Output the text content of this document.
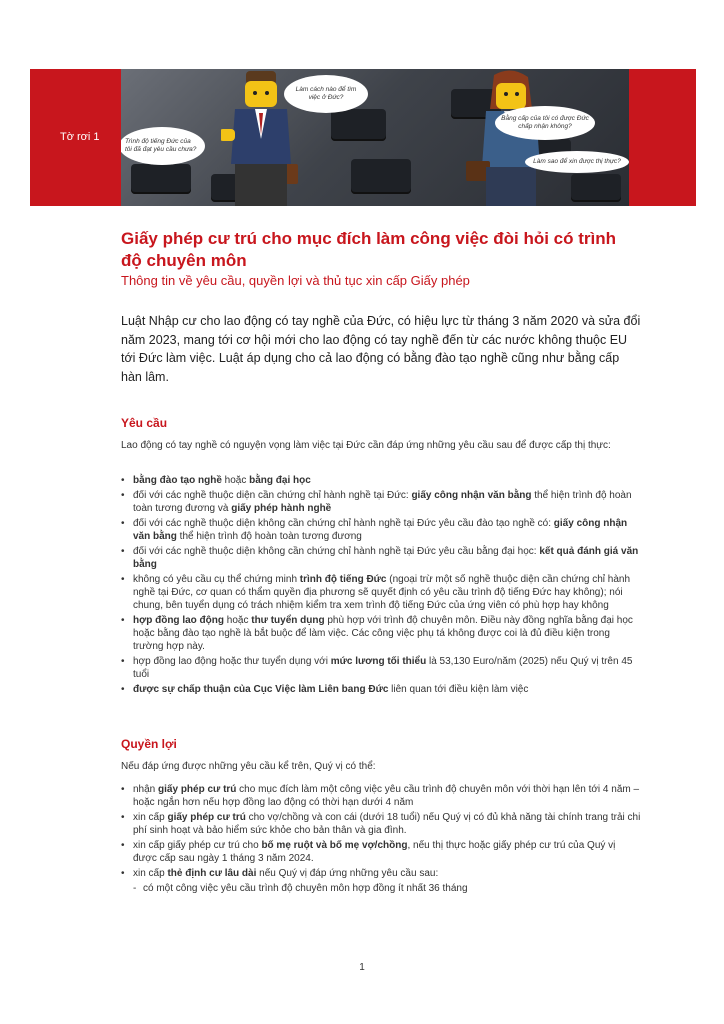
Tờ rơi 1
Làm cách nào để tìm việc ở Đức?
Trình độ tiếng Đức của tôi đã đạt yêu cầu chưa?
Bằng cấp của tôi có được Đức chấp nhận không?
Làm sao để xin được thị thực?
Giấy phép cư trú cho mục đích làm công việc đòi hỏi có trình độ chuyên môn

Thông tin về yêu cầu, quyền lợi và thủ tục xin cấp Giấy phép

Luật Nhập cư cho lao động có tay nghề của Đức, có hiệu lực từ tháng 3 năm 2020 và sửa đổi năm 2023, mang tới cơ hội mới cho lao động có tay nghề đến từ các nước không thuộc EU tới Đức làm việc. Luật áp dụng cho cả lao động có bằng đào tạo nghề cũng như bằng cấp hàn lâm.

Yêu cầu

Lao động có tay nghề có nguyện vọng làm việc tại Đức cần đáp ứng những yêu cầu sau để được cấp thị thực:

• bằng đào tạo nghề hoặc bằng đại học
• đối với các nghề thuộc diện cần chứng chỉ hành nghề tại Đức: giấy công nhận văn bằng thể hiện trình độ hoàn toàn tương đương và giấy phép hành nghề
• đối với các nghề thuộc diện không cần chứng chỉ hành nghề tại Đức yêu cầu đào tạo nghề có: giấy công nhận văn bằng thể hiện trình độ hoàn toàn tương đương
• đối với các nghề thuộc diện không cần chứng chỉ hành nghề tại Đức yêu cầu bằng đại học: kết quả đánh giá văn bằng
• không có yêu cầu cụ thể chứng minh trình độ tiếng Đức (ngoại trừ một số nghề thuộc diện cần chứng chỉ hành nghề tại Đức, cơ quan có thẩm quyền địa phương sẽ quyết định có yêu cầu trình độ tiếng Đức hay không); nói chung, bên tuyển dụng có trách nhiệm kiểm tra xem trình độ tiếng Đức của ứng viên có phù hợp hay không
• hợp đồng lao động hoặc thư tuyển dụng phù hợp với trình độ chuyên môn. Điều này đồng nghĩa bằng đại học hoặc bằng đào tạo nghề là bắt buộc để làm việc. Các công việc phụ tá không được coi là đủ điều kiện trong trường hợp này.
• hợp đồng lao động hoặc thư tuyển dụng với mức lương tối thiểu là 53,130 Euro/năm (2025) nếu Quý vị trên 45 tuổi
• được sự chấp thuận của Cục Việc làm Liên bang Đức liên quan tới điều kiện làm việc
Quyền lợi

Nếu đáp ứng được những yêu cầu kể trên, Quý vị có thể:

• nhận giấy phép cư trú cho mục đích làm một công việc yêu cầu trình độ chuyên môn với thời hạn lên tới 4 năm – hoặc ngắn hơn nếu hợp đồng lao động có thời hạn dưới 4 năm
• xin cấp giấy phép cư trú cho vợ/chồng và con cái (dưới 18 tuổi) nếu Quý vị có đủ khả năng tài chính trang trải chi phí sinh hoạt và bảo hiểm sức khỏe cho bản thân và gia đình.
• xin cấp giấy phép cư trú cho bố mẹ ruột và bố mẹ vợ/chồng, nếu thị thực hoặc giấy phép cư trú của Quý vị được cấp sau ngày 1 tháng 3 năm 2024.
• xin cấp thẻ định cư lâu dài nếu Quý vị đáp ứng những yêu cầu sau:
- có một công việc yêu cầu trình độ chuyên môn hợp đồng ít nhất 36 tháng

1
